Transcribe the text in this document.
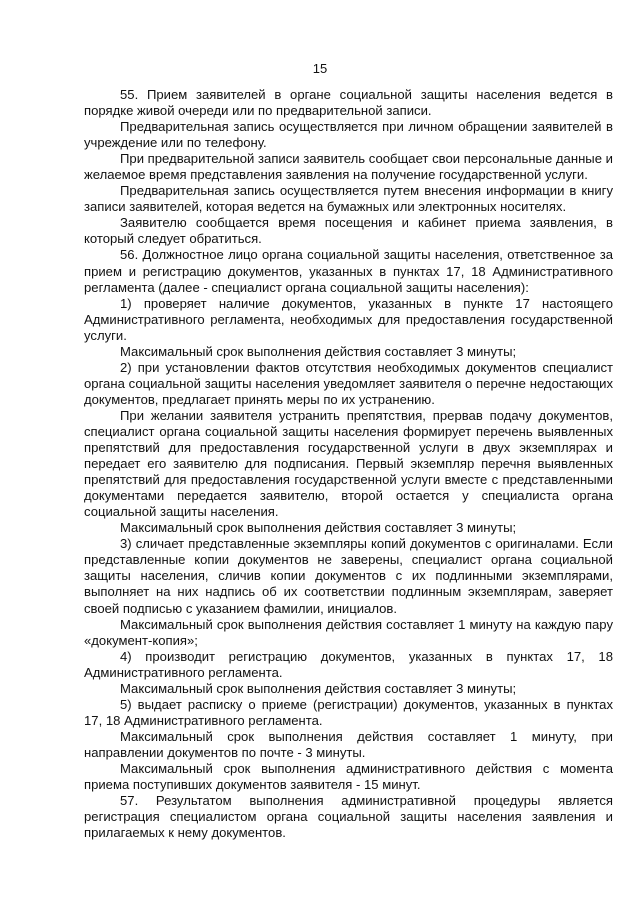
15

55. Прием заявителей в органе социальной защиты населения ведется в порядке живой очереди или по предварительной записи.

Предварительная запись осуществляется при личном обращении заявителей в учреждение или по телефону.

При предварительной записи заявитель сообщает свои персональные данные и желаемое время представления заявления на получение государственной услуги.

Предварительная запись осуществляется путем внесения информации в книгу записи заявителей, которая ведется на бумажных или электронных носителях.

Заявителю сообщается время посещения и кабинет приема заявления, в который следует обратиться.

56. Должностное лицо органа социальной защиты населения, ответственное за прием и регистрацию документов, указанных в пунктах 17, 18 Административного регламента (далее - специалист органа социальной защиты населения):

1) проверяет наличие документов, указанных в пункте 17 настоящего Административного регламента, необходимых для предоставления государственной услуги.

Максимальный срок выполнения действия составляет 3 минуты;

2) при установлении фактов отсутствия необходимых документов специалист органа социальной защиты населения уведомляет заявителя о перечне недостающих документов, предлагает принять меры по их устранению.

При желании заявителя устранить препятствия, прервав подачу документов, специалист органа социальной защиты населения формирует перечень выявленных препятствий для предоставления государственной услуги в двух экземплярах и передает его заявителю для подписания. Первый экземпляр перечня выявленных препятствий для предоставления государственной услуги вместе с представленными документами передается заявителю, второй остается у специалиста органа социальной защиты населения.

Максимальный срок выполнения действия составляет 3 минуты;

3) сличает представленные экземпляры копий документов с оригиналами. Если представленные копии документов не заверены, специалист органа социальной защиты населения, сличив копии документов с их подлинными экземплярами, выполняет на них надпись об их соответствии подлинным экземплярам, заверяет своей подписью с указанием фамилии, инициалов.

Максимальный срок выполнения действия составляет 1 минуту на каждую пару «документ-копия»;

4) производит регистрацию документов, указанных в пунктах 17, 18 Административного регламента.

Максимальный срок выполнения действия составляет 3 минуты;

5) выдает расписку о приеме (регистрации) документов, указанных в пунктах 17, 18 Административного регламента.

Максимальный срок выполнения действия составляет 1 минуту, при направлении документов по почте - 3 минуты.

Максимальный срок выполнения административного действия с момента приема поступивших документов заявителя - 15 минут.

57. Результатом выполнения административной процедуры является регистрация специалистом органа социальной защиты населения заявления и прилагаемых к нему документов.
